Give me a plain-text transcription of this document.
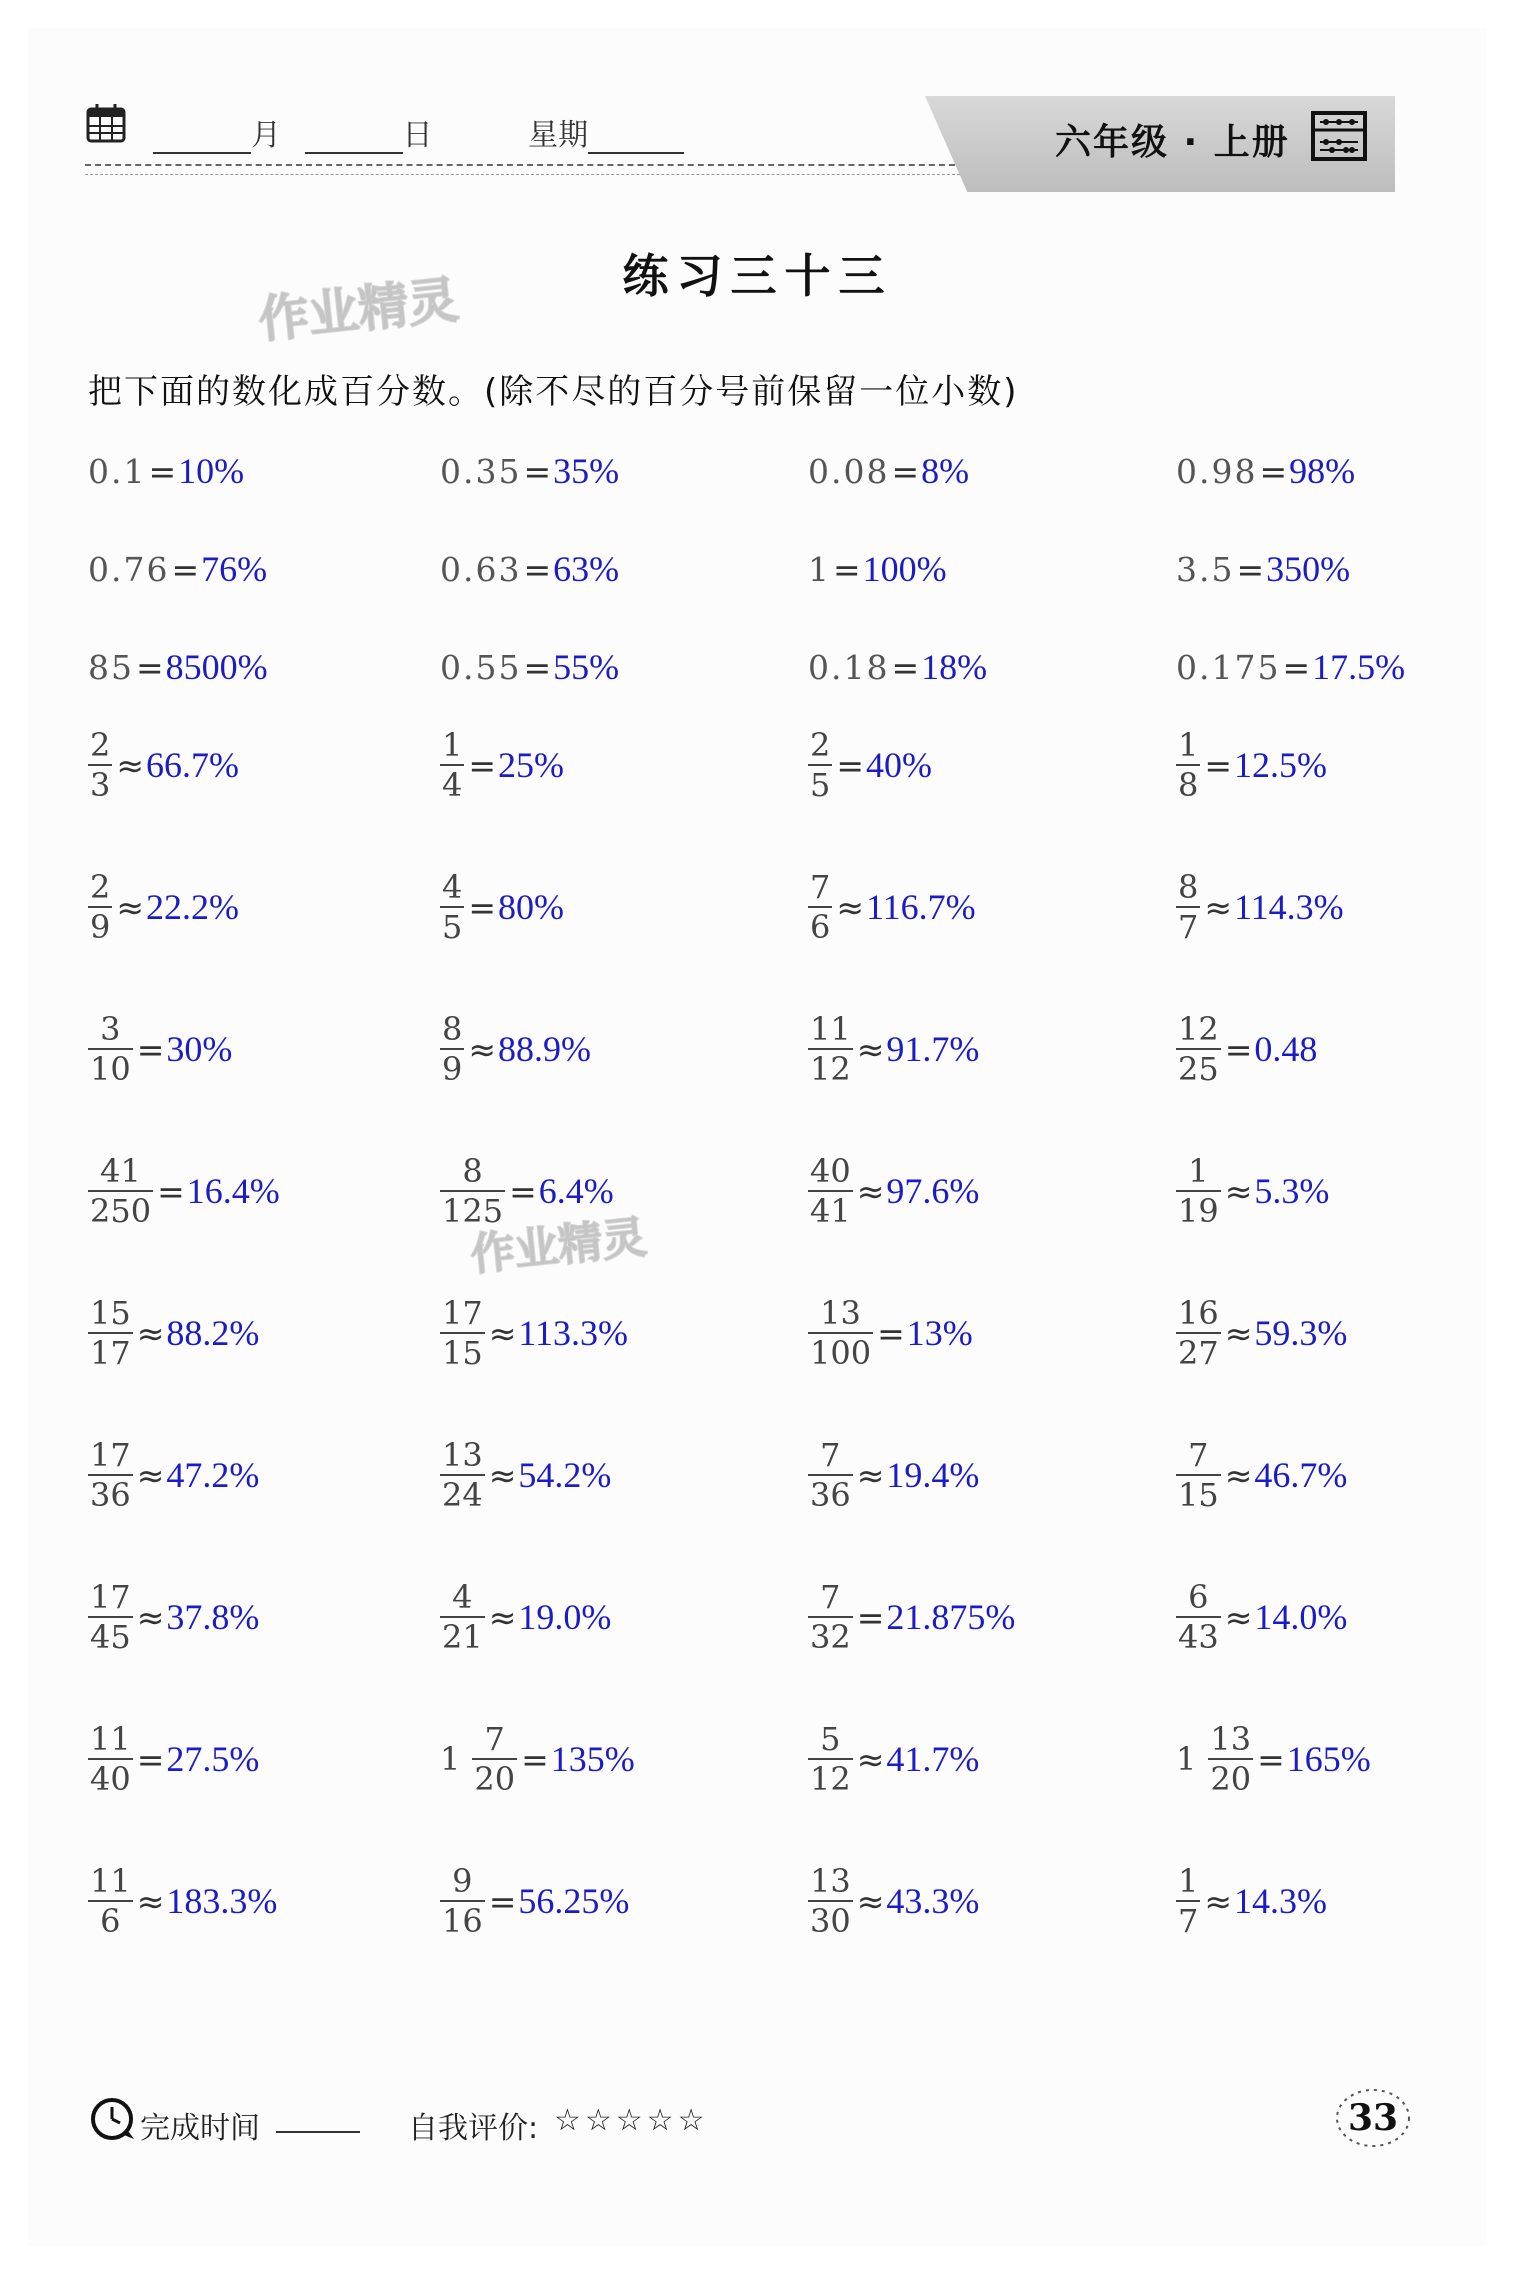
月	日	星期	六年级 · 上册
练习三十三
作业精灵
作业精灵
把下面的数化成百分数。(除不尽的百分号前保留一位小数)
0.1 = 10%	0.35 = 35%	0.08 = 8%	0.98 = 98%
0.76 = 76%	0.63 = 63%	1 = 100%	3.5 = 350%
85 = 8500%	0.55 = 55%	0.18 = 18%	0.175 = 17.5%
$\frac{2}{3} \approx 66.7\%$	$\frac{1}{4} = 25\%$	$\frac{2}{5} = 40\%$	$\frac{1}{8} = 12.5\%$
$\frac{2}{9} \approx 22.2\%$	$\frac{4}{5} = 80\%$	$\frac{7}{6} \approx 116.7\%$	$\frac{8}{7} \approx 114.3\%$
$\frac{3}{10} = 30\%$	$\frac{8}{9} \approx 88.9\%$	$\frac{11}{12} \approx 91.7\%$	$\frac{12}{25} = 0.48$
$\frac{41}{250} = 16.4\%$	$\frac{8}{125} = 6.4\%$	$\frac{40}{41} \approx 97.6\%$	$\frac{1}{19} \approx 5.3\%$
$\frac{15}{17} \approx 88.2\%$	$\frac{17}{15} \approx 113.3\%$	$\frac{13}{100} = 13\%$	$\frac{16}{27} \approx 59.3\%$
$\frac{17}{36} \approx 47.2\%$	$\frac{13}{24} \approx 54.2\%$	$\frac{7}{36} \approx 19.4\%$	$\frac{7}{15} \approx 46.7\%$
$\frac{17}{45} \approx 37.8\%$	$\frac{4}{21} \approx 19.0\%$	$\frac{7}{32} = 21.875\%$	$\frac{6}{43} \approx 14.0\%$
$\frac{11}{40} = 27.5\%$	$1 \frac{7}{20} = 135\%$	$\frac{5}{12} \approx 41.7\%$	$1 \frac{13}{20} = 165\%$
$\frac{11}{6} \approx 183.3\%$	$\frac{9}{16} = 56.25\%$	$\frac{13}{30} \approx 43.3\%$	$\frac{1}{7} \approx 14.3\%$
完成时间	自我评价: ☆☆☆☆☆	33
